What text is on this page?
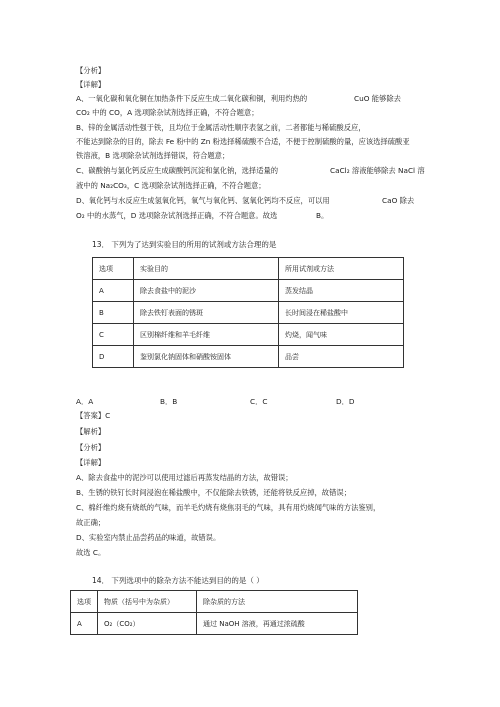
【分析】
【详解】
A、一氧化碳和氧化铜在加热条件下反应生成二氧化碳和铜，利用灼热的	CuO 能够除去
CO₂ 中的 CO，A 选项除杂试剂选择正确，不符合题意；
B、锌的金属活动性强于铁，且均位于金属活动性顺序表氢之前，二者都能与稀硫酸反应，
不能达到除杂的目的，除去 Fe 粉中的 Zn 粉选择稀硫酸不合适，不便于控制硫酸的量，应该选择硫酸亚
铁溶液，B 选项除杂试剂选择错误，符合题意；
C、碳酸钠与氯化钙反应生成碳酸钙沉淀和氯化钠，选择适量的	CaCl₂ 溶液能够除去 NaCl 溶
液中的 Na₂CO₃，C 选项除杂试剂选择正确，不符合题意；
D、氧化钙与水反应生成氢氧化钙，氧气与氧化钙、氢氧化钙均不反应，可以用	CaO 除去
O₂ 中的水蒸气，D 选项除杂试剂选择正确，不符合题意。故选	B。
13． 下列为了达到实验目的所用的试剂或方法合理的是
选项	实验目的	所用试剂或方法
A	除去食盐中的泥沙	蒸发结晶
B	除去铁钉表面的锈斑	长时间浸在稀盐酸中
C	区别棉纤维和羊毛纤维	灼烧，闻气味
D	鉴别氯化钠固体和硝酸铵固体	品尝
A．A	B．B	C．C	D．D
【答案】C
【解析】
【分析】
【详解】
A、除去食盐中的泥沙可以使用过滤后再蒸发结晶的方法，故错误；
B、生锈的铁钉长时间浸泡在稀盐酸中，不仅能除去铁锈，还能将铁反应掉，故错误；
C、棉纤维灼烧有烧纸的气味，而羊毛灼烧有烧焦羽毛的气味，具有用灼烧闻气味的方法鉴别，
故正确；
D、实验室内禁止品尝药品的味道，故错误。
故选 C。
14． 下列选项中的除杂方法不能达到目的的是（ ）
选项	物质（括号中为杂质）	除杂质的方法
A	O₂（CO₂）	通过 NaOH 溶液，再通过浓硫酸
